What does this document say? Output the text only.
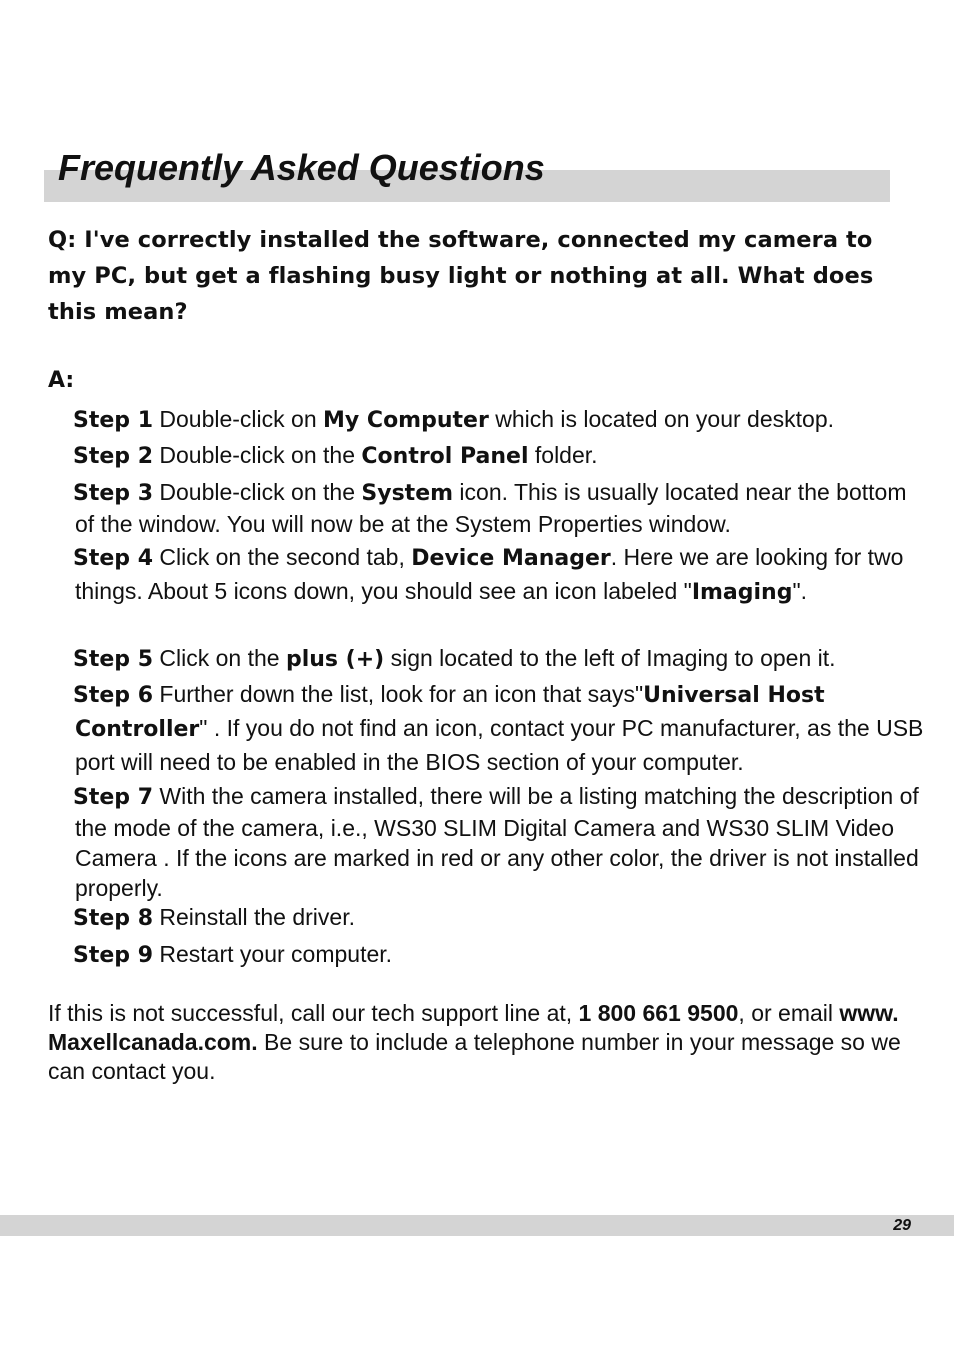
Frequently Asked Questions

Q: I've correctly installed the software, connected my camera to my PC, but get a flashing busy light or nothing at all. What does this mean?

A:
Step 1 Double-click on My Computer which is located on your desktop.
Step 2 Double-click on the Control Panel folder.
Step 3 Double-click on the System icon. This is usually located near the bottom of the window. You will now be at the System Properties window.
Step 4 Click on the second tab, Device Manager. Here we are looking for two things. About 5 icons down, you should see an icon labeled "Imaging".
Step 5 Click on the plus (+) sign located to the left of Imaging to open it.
Step 6 Further down the list, look for an icon that says"Universal Host Controller" . If you do not find an icon, contact your PC manufacturer, as the USB port will need to be enabled in the BIOS section of your computer.
Step 7 With the camera installed, there will be a listing matching the description of the mode of the camera, i.e., WS30 SLIM Digital Camera and WS30 SLIM Video Camera . If the icons are marked in red or any other color, the driver is not installed properly.
Step 8 Reinstall the driver.
Step 9 Restart your computer.

If this is not successful, call our tech support line at, 1 800 661 9500, or email www. Maxellcanada.com. Be sure to include a telephone number in your message so we can contact you.

29
